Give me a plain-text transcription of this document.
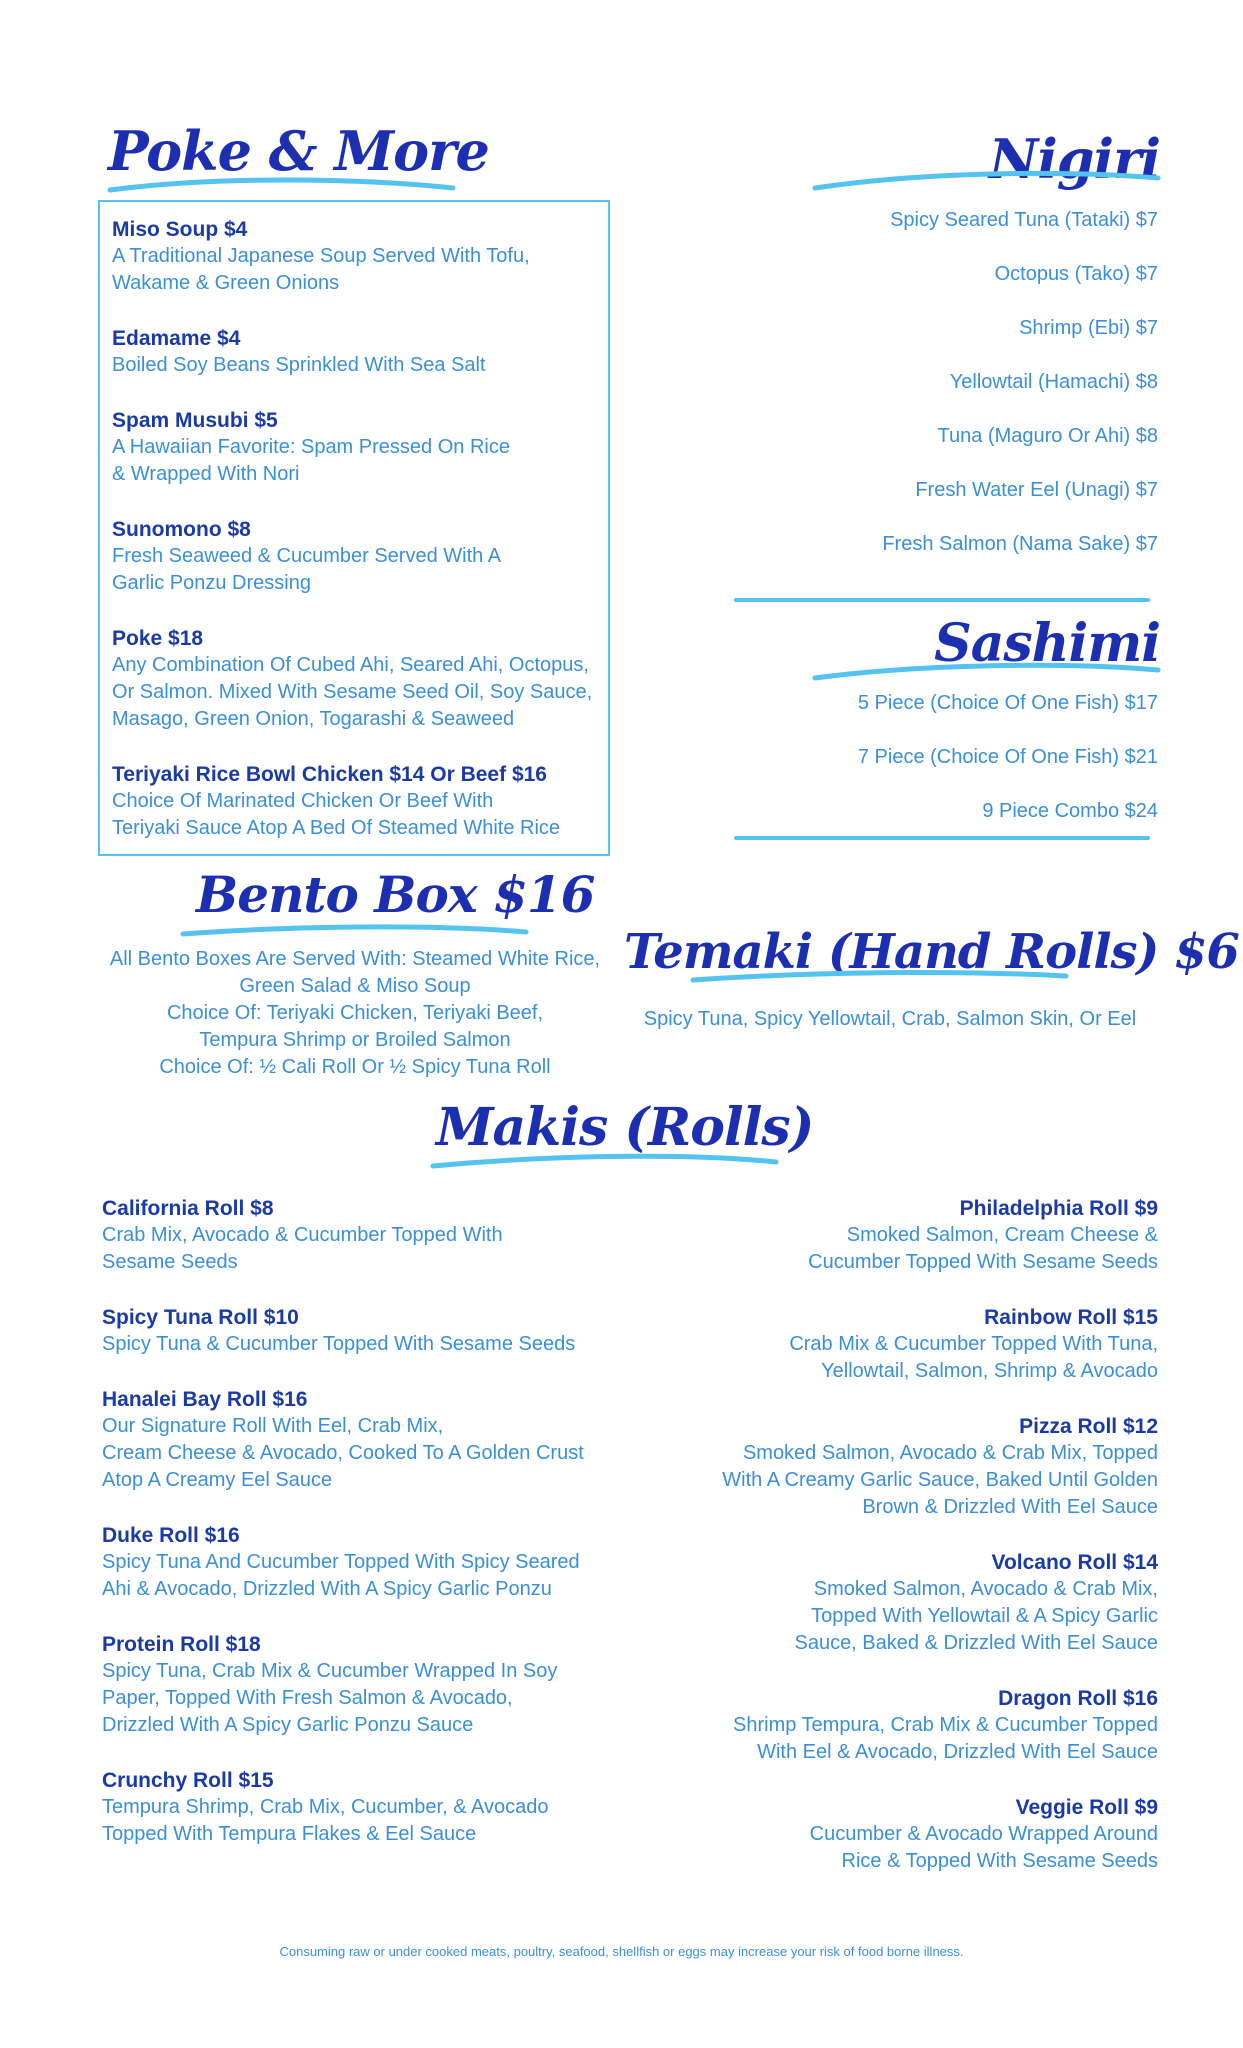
Poke & More
Miso Soup $4
A Traditional Japanese Soup Served With Tofu,
Wakame & Green Onions
Edamame $4
Boiled Soy Beans Sprinkled With Sea Salt
Spam Musubi $5
A Hawaiian Favorite: Spam Pressed On Rice
& Wrapped With Nori
Sunomono $8
Fresh Seaweed & Cucumber Served With A
Garlic Ponzu Dressing
Poke $18
Any Combination Of Cubed Ahi, Seared Ahi, Octopus,
Or Salmon. Mixed With Sesame Seed Oil, Soy Sauce,
Masago, Green Onion, Togarashi & Seaweed
Teriyaki Rice Bowl Chicken $14 Or Beef $16
Choice Of Marinated Chicken Or Beef With
Teriyaki Sauce Atop A Bed Of Steamed White Rice
Nigiri
Spicy Seared Tuna (Tataki) $7
Octopus (Tako) $7
Shrimp (Ebi) $7
Yellowtail (Hamachi) $8
Tuna (Maguro Or Ahi) $8
Fresh Water Eel (Unagi) $7
Fresh Salmon (Nama Sake) $7
Sashimi
5 Piece (Choice Of One Fish) $17
7 Piece (Choice Of One Fish) $21
9 Piece Combo $24
Bento Box $16
All Bento Boxes Are Served With: Steamed White Rice,
Green Salad & Miso Soup
Choice Of: Teriyaki Chicken, Teriyaki Beef,
Tempura Shrimp or Broiled Salmon
Choice Of: ½ Cali Roll Or ½ Spicy Tuna Roll
Temaki (Hand Rolls) $6
Spicy Tuna, Spicy Yellowtail, Crab, Salmon Skin, Or Eel
Makis (Rolls)
California Roll $8
Crab Mix, Avocado & Cucumber Topped With
Sesame Seeds
Spicy Tuna Roll $10
Spicy Tuna & Cucumber Topped With Sesame Seeds
Hanalei Bay Roll $16
Our Signature Roll With Eel, Crab Mix,
Cream Cheese & Avocado, Cooked To A Golden Crust
Atop A Creamy Eel Sauce
Duke Roll $16
Spicy Tuna And Cucumber Topped With Spicy Seared
Ahi & Avocado, Drizzled With A Spicy Garlic Ponzu
Protein Roll $18
Spicy Tuna, Crab Mix & Cucumber Wrapped In Soy
Paper, Topped With Fresh Salmon & Avocado,
Drizzled With A Spicy Garlic Ponzu Sauce
Crunchy Roll $15
Tempura Shrimp, Crab Mix, Cucumber, & Avocado
Topped With Tempura Flakes & Eel Sauce
Philadelphia Roll $9
Smoked Salmon, Cream Cheese &
Cucumber Topped With Sesame Seeds
Rainbow Roll $15
Crab Mix & Cucumber Topped With Tuna,
Yellowtail, Salmon, Shrimp & Avocado
Pizza Roll $12
Smoked Salmon, Avocado & Crab Mix, Topped
With A Creamy Garlic Sauce, Baked Until Golden
Brown & Drizzled With Eel Sauce
Volcano Roll $14
Smoked Salmon, Avocado & Crab Mix,
Topped With Yellowtail & A Spicy Garlic
Sauce, Baked & Drizzled With Eel Sauce
Dragon Roll $16
Shrimp Tempura, Crab Mix & Cucumber Topped
With Eel & Avocado, Drizzled With Eel Sauce
Veggie Roll $9
Cucumber & Avocado Wrapped Around
Rice & Topped With Sesame Seeds
Consuming raw or under cooked meats, poultry, seafood, shellfish or eggs may increase your risk of food borne illness.
